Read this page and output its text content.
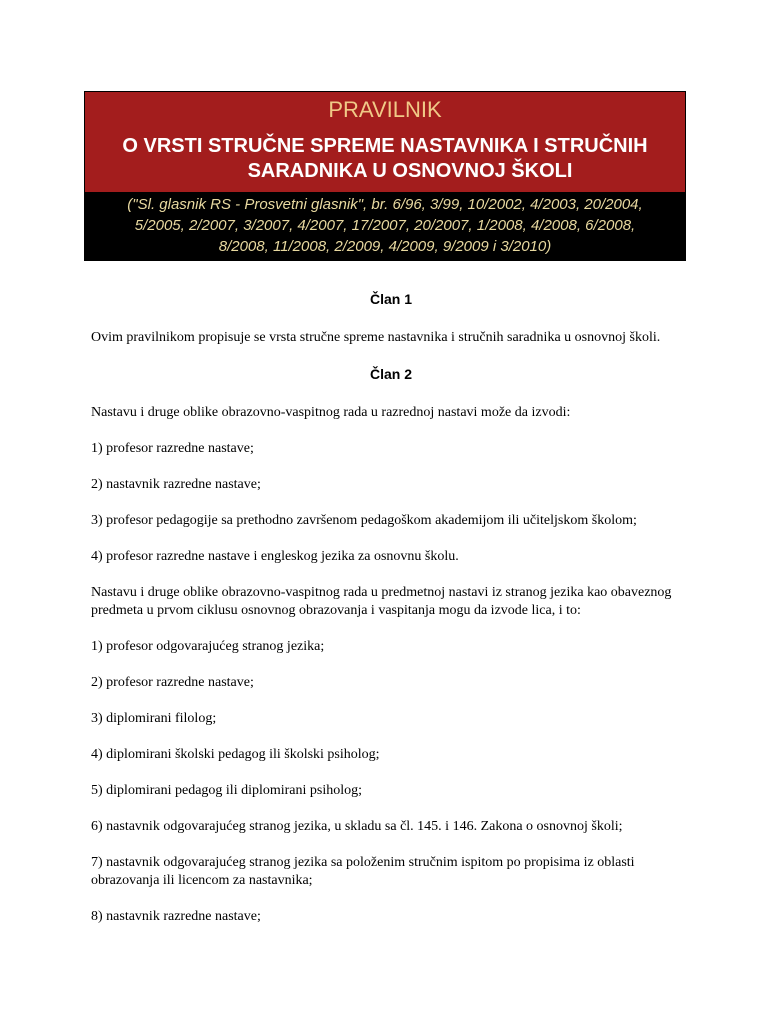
PRAVILNIK

O VRSTI STRUČNE SPREME NASTAVNIKA I STRUČNIH
SARADNIKA U OSNOVNOJ ŠKOLI

("Sl. glasnik RS - Prosvetni glasnik", br. 6/96, 3/99, 10/2002, 4/2003, 20/2004,
5/2005, 2/2007, 3/2007, 4/2007, 17/2007, 20/2007, 1/2008, 4/2008, 6/2008,
8/2008, 11/2008, 2/2009, 4/2009, 9/2009 i 3/2010)

Član 1

Ovim pravilnikom propisuje se vrsta stručne spreme nastavnika i stručnih saradnika u osnovnoj školi.

Član 2

Nastavu i druge oblike obrazovno-vaspitnog rada u razrednoj nastavi može da izvodi:

1) profesor razredne nastave;

2) nastavnik razredne nastave;

3) profesor pedagogije sa prethodno završenom pedagoškom akademijom ili učiteljskom školom;

4) profesor razredne nastave i engleskog jezika za osnovnu školu.

Nastavu i druge oblike obrazovno-vaspitnog rada u predmetnoj nastavi iz stranog jezika kao obaveznog predmeta u prvom ciklusu osnovnog obrazovanja i vaspitanja mogu da izvode lica, i to:

1) profesor odgovarajućeg stranog jezika;

2) profesor razredne nastave;

3) diplomirani filolog;

4) diplomirani školski pedagog ili školski psiholog;

5) diplomirani pedagog ili diplomirani psiholog;

6) nastavnik odgovarajućeg stranog jezika, u skladu sa čl. 145. i 146. Zakona o osnovnoj školi;

7) nastavnik odgovarajućeg stranog jezika sa položenim stručnim ispitom po propisima iz oblasti obrazovanja ili licencom za nastavnika;

8) nastavnik razredne nastave;
